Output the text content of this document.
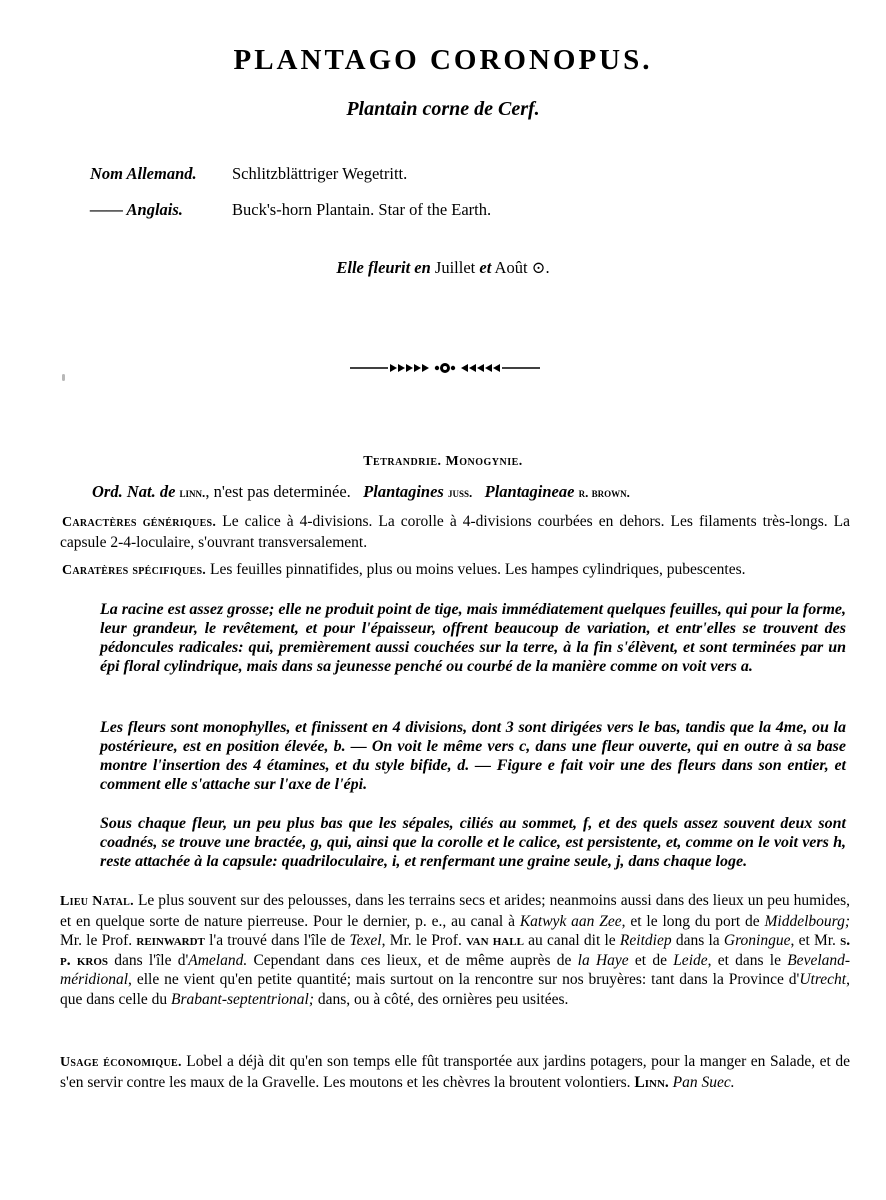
PLANTAGO CORONOPUS.
Plantain corne de Cerf.
Nom Allemand. Schlitzblättriger Wegetritt.
—— Anglais.	Buck's-horn Plantain. Star of the Earth.
Elle fleurit en Juillet et Août ⊙.
Tetrandrie. Monogynie.
Ord. Nat. de linn., n'est pas determinée. Plantagines juss. Plantagineae r. brown.
Caractères génériques. Le calice à 4-divisions. La corolle à 4-divisions courbées en dehors. Les filaments très-longs. La capsule 2-4-loculaire, s'ouvrant transversalement.
Caratères spécifiques. Les feuilles pinnatifides, plus ou moins velues. Les hampes cylindriques, pubescentes.
La racine est assez grosse; elle ne produit point de tige, mais immédiatement quelques feuilles, qui pour la forme, leur grandeur, le revêtement, et pour l'épaisseur, offrent beaucoup de variation, et entr'elles se trouvent des pédoncules radicales: qui, premièrement aussi couchées sur la terre, à la fin s'élèvent, et sont terminées par un épi floral cylindrique, mais dans sa jeunesse penché ou courbé de la manière comme on voit vers a.
Les fleurs sont monophylles, et finissent en 4 divisions, dont 3 sont dirigées vers le bas, tandis que la 4me, ou la postérieure, est en position élevée, b. — On voit le même vers c, dans une fleur ouverte, qui en outre à sa base montre l'insertion des 4 étamines, et du style bifide, d. — Figure e fait voir une des fleurs dans son entier, et comment elle s'attache sur l'axe de l'épi.
Sous chaque fleur, un peu plus bas que les sépales, ciliés au sommet, f, et des quels assez souvent deux sont coadnés, se trouve une bractée, g, qui, ainsi que la corolle et le calice, est persistente, et, comme on le voit vers h, reste attachée à la capsule: quadriloculaire, i, et renfermant une graine seule, j, dans chaque loge.
Lieu Natal. Le plus souvent sur des pelousses, dans les terrains secs et arides; neanmoins aussi dans des lieux un peu humides, et en quelque sorte de nature pierreuse. Pour le dernier, p. e., au canal à Katwyk aan Zee, et le long du port de Middelbourg; Mr. le Prof. reinwardt l'a trouvé dans l'île de Texel, Mr. le Prof. van hall au canal dit le Reitdiep dans la Groningue, et Mr. s. p. kros dans l'île d'Ameland. Cependant dans ces lieux, et de même auprès de la Haye et de Leide, et dans le Beveland-méridional, elle ne vient qu'en petite quantité; mais surtout on la rencontre sur nos bruyères: tant dans la Province d'Utrecht, que dans celle du Brabant-septentrional; dans, ou à côté, des ornières peu usitées.
Usage économique. Lobel a déjà dit qu'en son temps elle fût transportée aux jardins potagers, pour la manger en Salade, et de s'en servir contre les maux de la Gravelle. Les moutons et les chèvres la broutent volontiers. Linn. Pan Suec.
